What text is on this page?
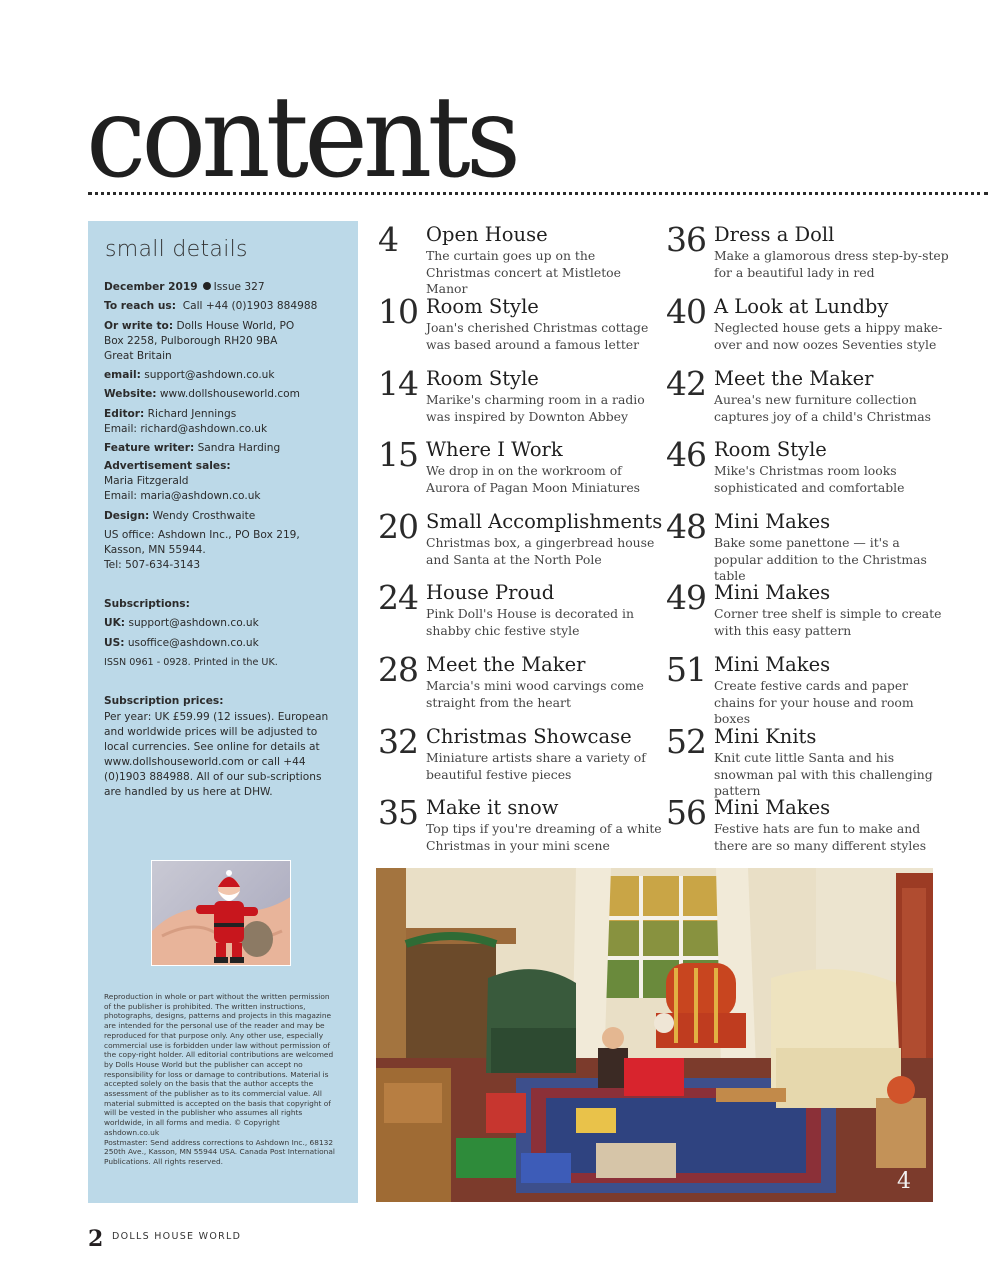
contents
small details
December 2019 Issue 327
To reach us: Call +44 (0)1903 884988
Or write to: Dolls House World, PO Box 2258, Pulborough RH20 9BA Great Britain
email: support@ashdown.co.uk
Website: www.dollshouseworld.com
Editor: Richard Jennings
Email: richard@ashdown.co.uk
Feature writer: Sandra Harding
Advertisement sales:
Maria Fitzgerald
Email: maria@ashdown.co.uk
Design: Wendy Crosthwaite
US office: Ashdown Inc., PO Box 219, Kasson, MN 55944.
Tel: 507-634-3143
Subscriptions:
UK: support@ashdown.co.uk
US: usoffice@ashdown.co.uk
ISSN 0961 - 0928. Printed in the UK.
Subscription prices:
Per year: UK £59.99 (12 issues). European and worldwide prices will be adjusted to local currencies. See online for details at www.dollshouseworld.com or call +44 (0)1903 884988. All of our sub-scriptions are handled by us here at DHW.
Reproduction in whole or part without the written permission of the publisher is prohibited. The written instructions, photographs, designs, patterns and projects in this magazine are intended for the personal use of the reader and may be reproduced for that purpose only. Any other use, especially commercial use is forbidden under law without permission of the copy-right holder. All editorial contributions are welcomed by Dolls House World but the publisher can accept no responsibility for loss or damage to contributions. Material is accepted solely on the basis that the author accepts the assessment of the publisher as to its commercial value. All material submitted is accepted on the basis that copyright of will be vested in the publisher who assumes all rights worldwide, in all forms and media. © Copyright ashdown.co.uk
Postmaster: Send address corrections to Ashdown Inc., 68132 250th Ave., Kasson, MN 55944 USA. Canada Post International Publications. All rights reserved.
4 Open House
The curtain goes up on the Christmas concert at Mistletoe Manor
10 Room Style
Joan's cherished Christmas cottage was based around a famous letter
14 Room Style
Marike's charming room in a radio was inspired by Downton Abbey
15 Where I Work
We drop in on the workroom of Aurora of Pagan Moon Miniatures
20 Small Accomplishments
Christmas box, a gingerbread house and Santa at the North Pole
24 House Proud
Pink Doll's House is decorated in shabby chic festive style
28 Meet the Maker
Marcia's mini wood carvings come straight from the heart
32 Christmas Showcase
Miniature artists share a variety of beautiful festive pieces
35 Make it snow
Top tips if you're dreaming of a white Christmas in your mini scene
36 Dress a Doll
Make a glamorous dress step-by-step for a beautiful lady in red
40 A Look at Lundby
Neglected house gets a hippy make-over and now oozes Seventies style
42 Meet the Maker
Aurea's new furniture collection captures joy of a child's Christmas
46 Room Style
Mike's Christmas room looks sophisticated and comfortable
48 Mini Makes
Bake some panettone — it's a popular addition to the Christmas table
49 Mini Makes
Corner tree shelf is simple to create with this easy pattern
51 Mini Makes
Create festive cards and paper chains for your house and room boxes
52 Mini Knits
Knit cute little Santa and his snowman pal with this challenging pattern
56 Mini Makes
Festive hats are fun to make and there are so many different styles
4
2 DOLLS HOUSE WORLD
